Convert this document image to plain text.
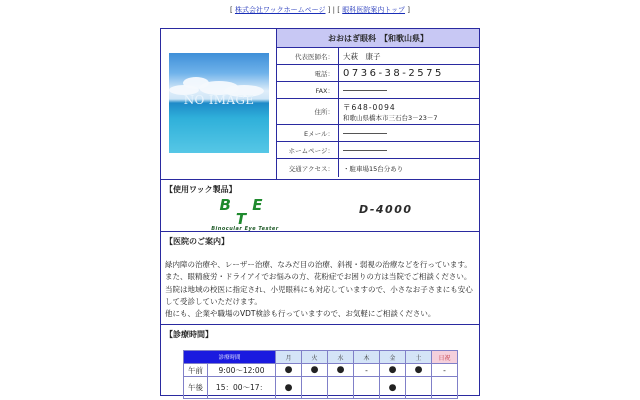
[ 株式会社ワックホームページ ] | [ 眼科医院案内トップ ]
NO IMAGE
おおはぎ眼科　【和歌山県】
代表医師名：	大萩　康子
電話： 0736-38-2575
FAX：
住所：
〒648-0094
和歌山県橋本市三石台3－23－7
Eメール：
ホームページ：
交通アクセス：	・駐車場15台分あり
【使用ワック製品】
B E T
Binocular Eye Tester
D-4000
【医院のご案内】
緑内障の治療や、レーザー治療、なみだ目の治療、斜視・弱視の治療などを行っています。
また、眼精疲労・ドライアイでお悩みの方、花粉症でお困りの方は当院でご相談ください。
当院は地域の校医に指定され、小児眼科にも対応していますので、小さなお子さまにも安心して受診していただけます。
他にも、企業や職場のVDT検診も行っていますので、お気軽にご相談ください。
【診療時間】
診療時間		月	火	水	木	金	土	日祝
午前	9:00〜12:00	●	●	●	-	●	●	-
午後	15：00〜17：	●				●		
